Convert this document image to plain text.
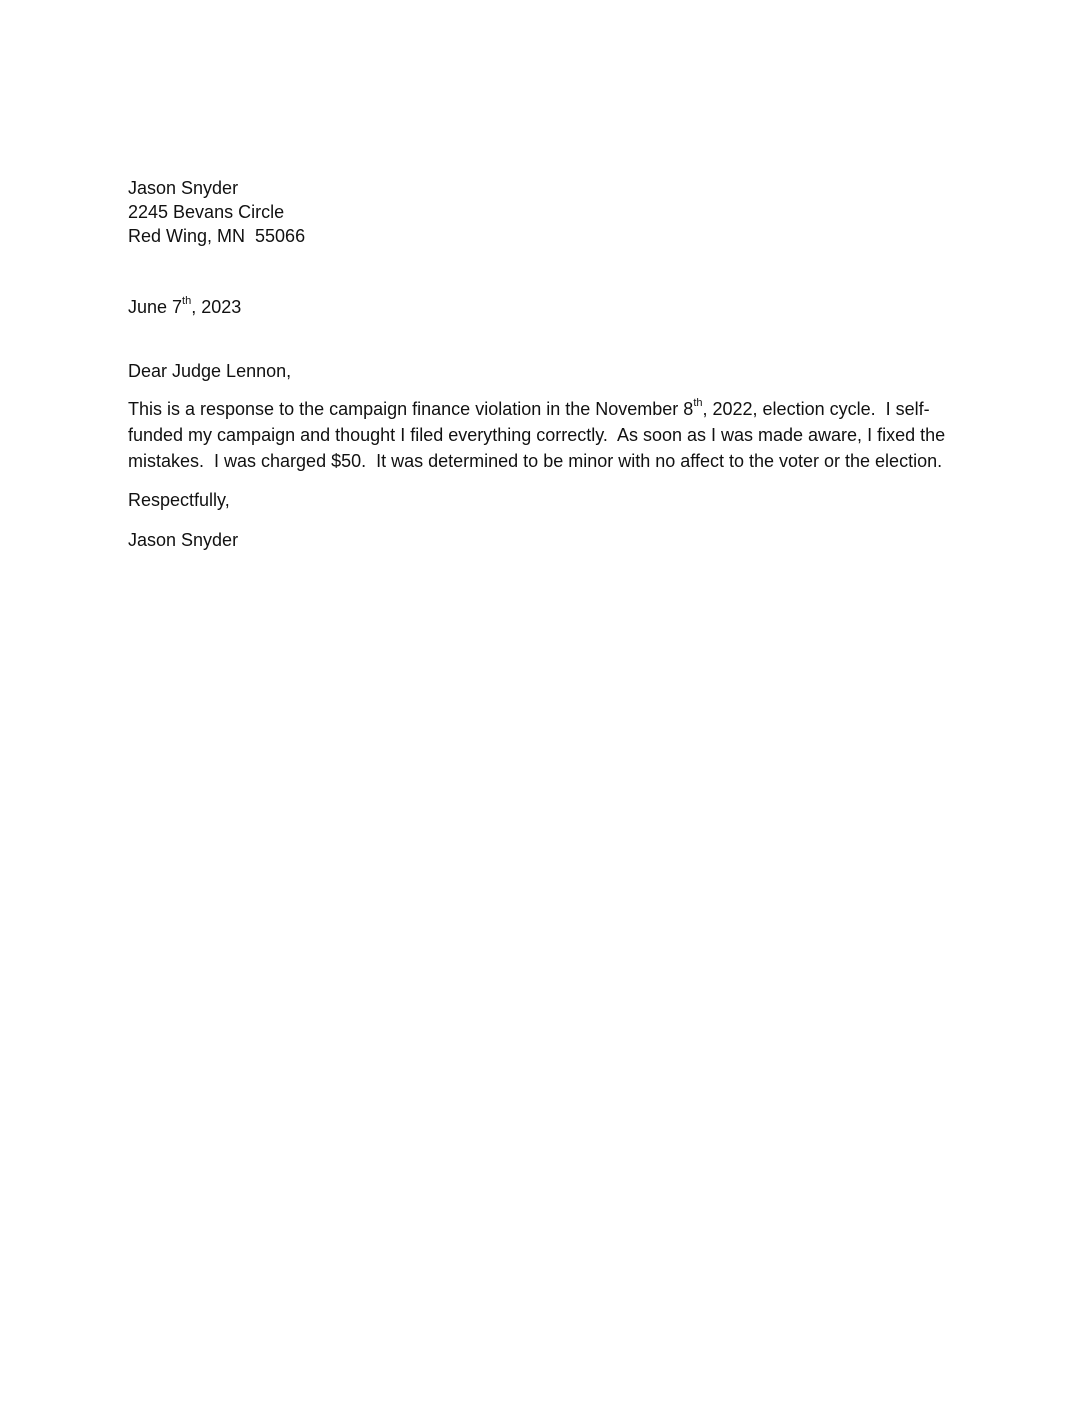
Jason Snyder
2245 Bevans Circle
Red Wing, MN  55066
June 7th, 2023
Dear Judge Lennon,
This is a response to the campaign finance violation in the November 8th, 2022, election cycle.  I self-
funded my campaign and thought I filed everything correctly.  As soon as I was made aware, I fixed the
mistakes.  I was charged $50.  It was determined to be minor with no affect to the voter or the election.
Respectfully,
Jason Snyder
